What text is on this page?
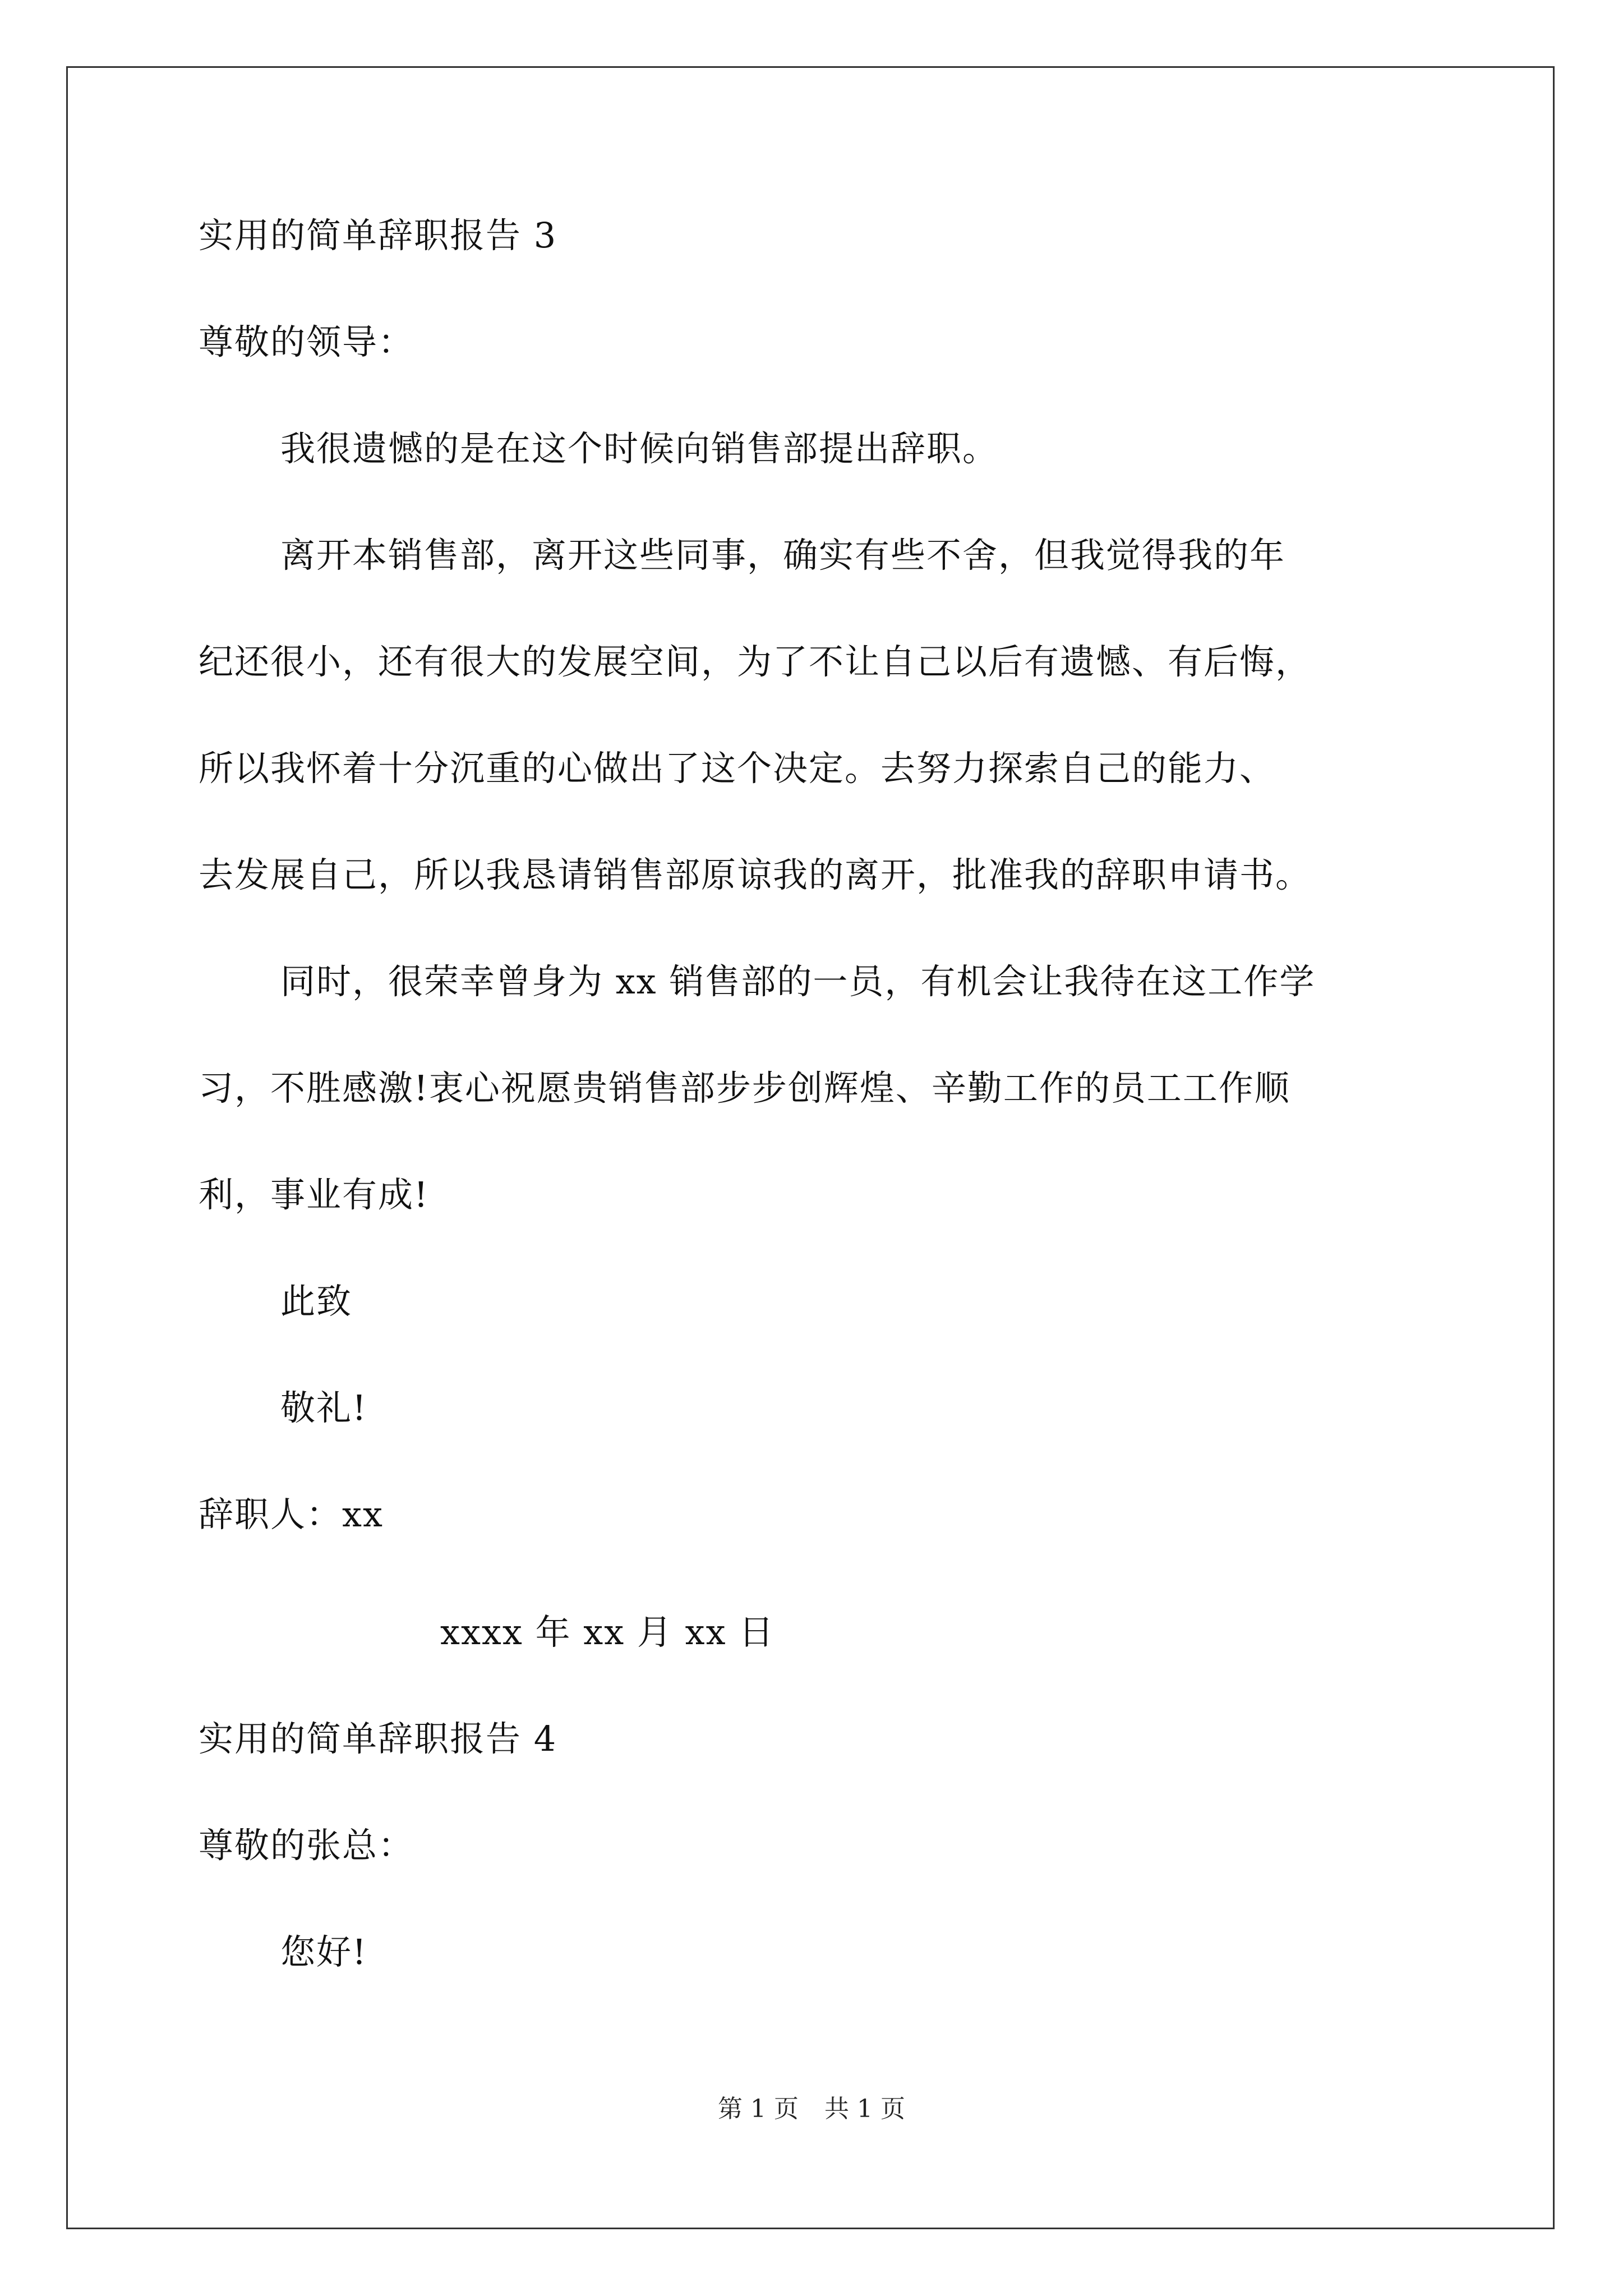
实用的简单辞职报告 3
尊敬的领导：
我很遗憾的是在这个时候向销售部提出辞职。
离开本销售部，离开这些同事，确实有些不舍，但我觉得我的年
纪还很小，还有很大的发展空间，为了不让自己以后有遗憾、有后悔，
所以我怀着十分沉重的心做出了这个决定。去努力探索自己的能力、
去发展自己，所以我恳请销售部原谅我的离开，批准我的辞职申请书。
同时，很荣幸曾身为 xx 销售部的一员，有机会让我待在这工作学
习，不胜感激!衷心祝愿贵销售部步步创辉煌、辛勤工作的员工工作顺
利，事业有成!
此致
敬礼!
辞职人：xx
xxxx 年 xx 月 xx 日
实用的简单辞职报告 4
尊敬的张总：
您好!
第 1 页 共 1 页
